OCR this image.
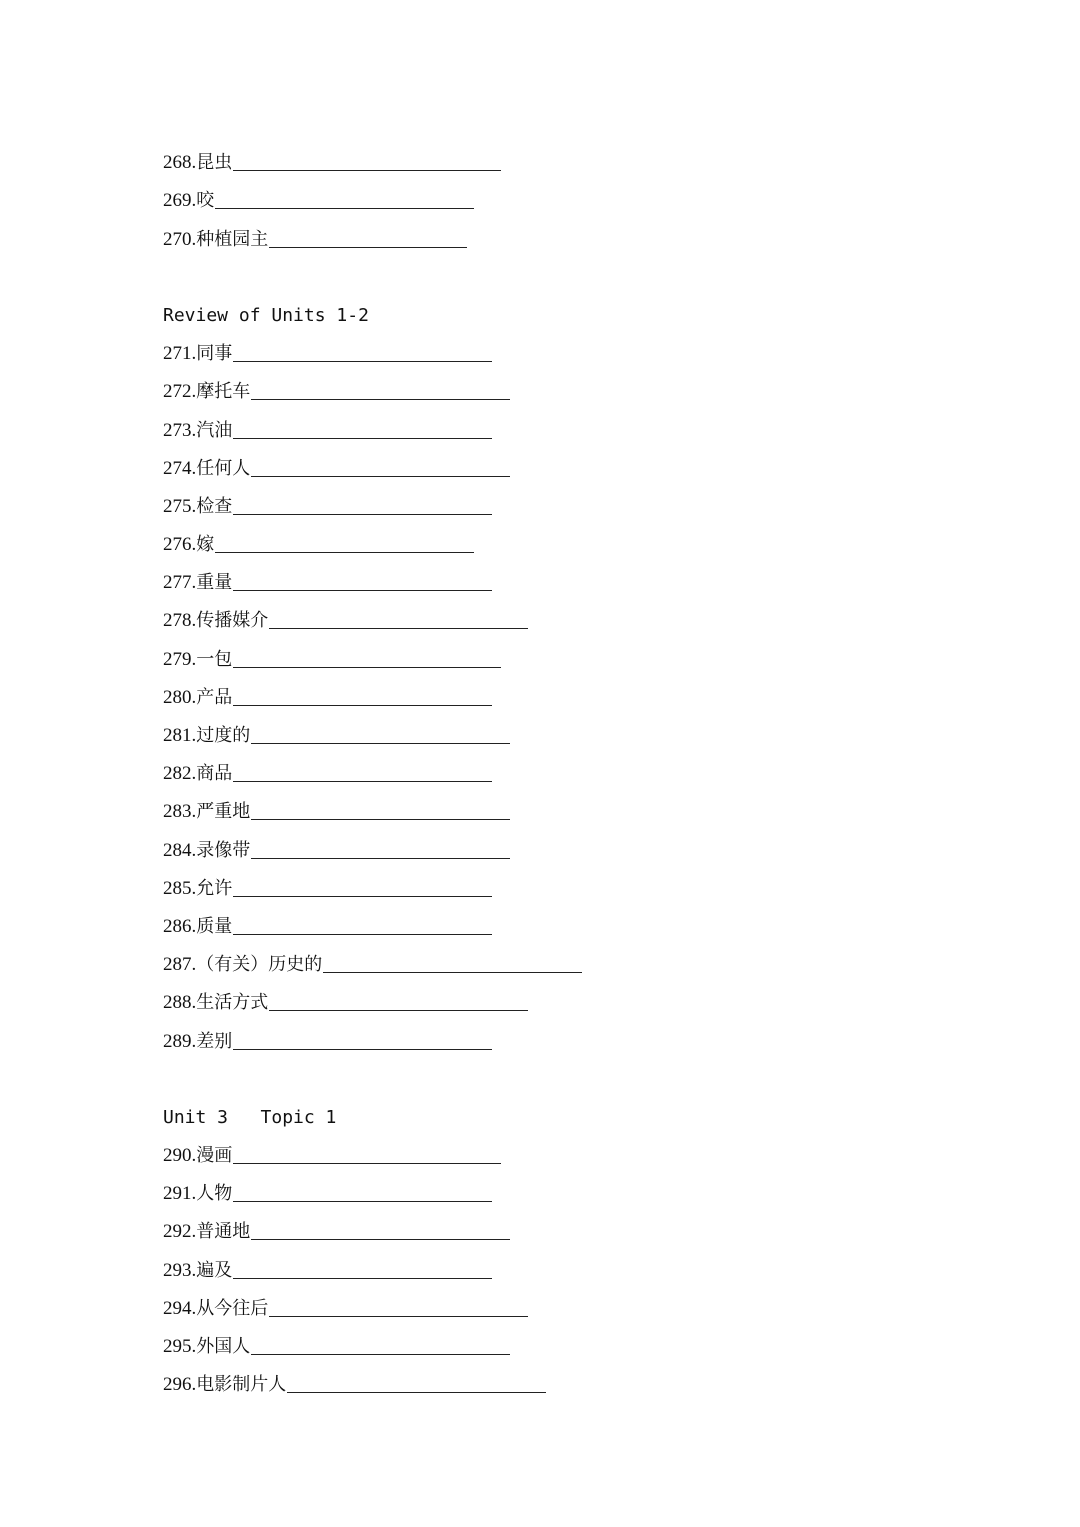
268. 昆虫
269. 咬
270. 种植园主
Review of Units 1-2
271. 同事
272. 摩托车
273. 汽油
274. 任何人
275. 检查
276. 嫁
277. 重量
278. 传播媒介
279. 一包
280. 产品
281. 过度的
282. 商品
283. 严重地
284. 录像带
285. 允许
286. 质量
287. （有关）历史的
288. 生活方式
289. 差别
Unit 3   Topic 1
290. 漫画
291. 人物
292. 普通地
293. 遍及
294. 从今往后
295. 外国人
296. 电影制片人
